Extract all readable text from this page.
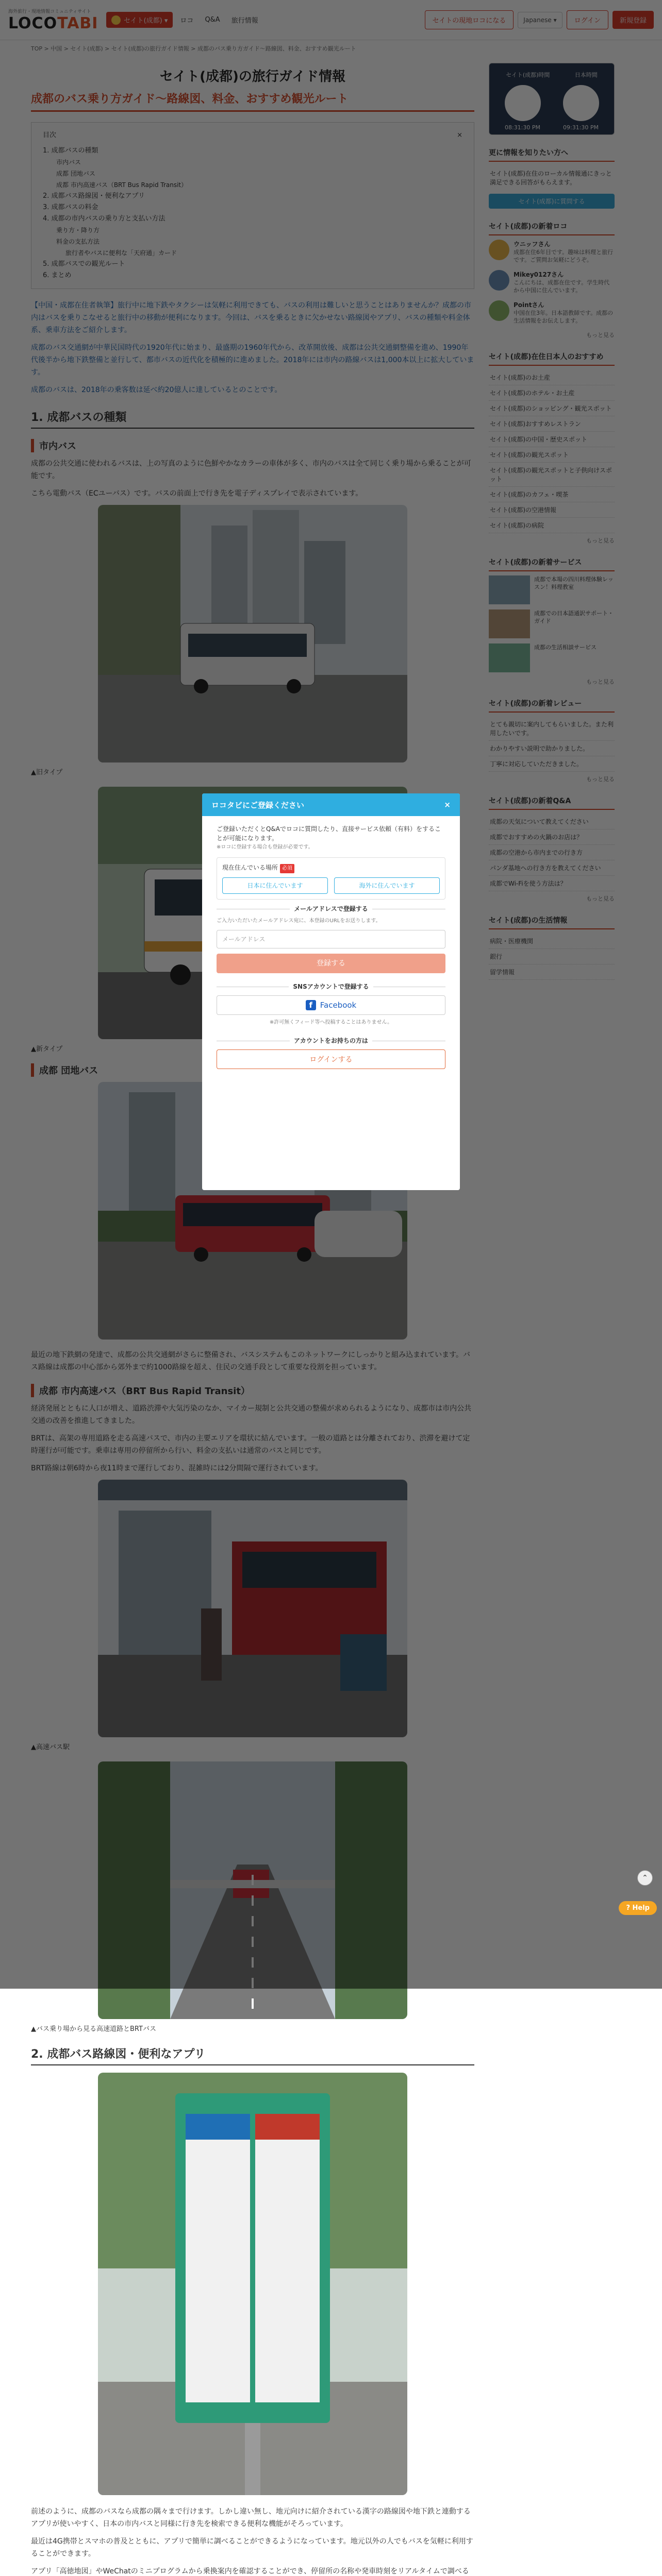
▲バス乗り場から見る高速道路とBRTバス
2. 成都バス路線図・便利なアプリ

前述のように、成都のバスなら成都の隅々まで行けます。しかし違い無し、地元向けに紹介されている漢字の路線図や地下鉄と連動するアプリが使いやすく、日本の市内バスと同様に行き先を検索できる便利な機能がそろっています。

最近は4G携帯とスマホの普及とともに、アプリで簡単に調べることができるようになっています。地元以外の人でもバスを気軽に利用することができます。

アプリ「高徳地図」やWeChatのミニプログラムから乗換案内を確認することができ、停留所の名称や発車時刻をリアルタイムで調べる

ロコタビにご登録ください	×
ご登録いただくとQ&Aでロコに質問したり、直接サービス依頼（有料）をすることが可能になります。
※ロコに登録する場合も登録が必要です。
現在住んでいる場所 必須
日本に住んでいます	海外に住んでいます
メールアドレスで登録する
ご入力いただいたメールアドレス宛に、本登録のURLをお送りします。
メールアドレス
登録する
SNSアカウントで登録する
f Facebook
※許可無くフィード等へ投稿することはありません。
アカウントをお持ちの方は
ログインする
⌃
? Help
